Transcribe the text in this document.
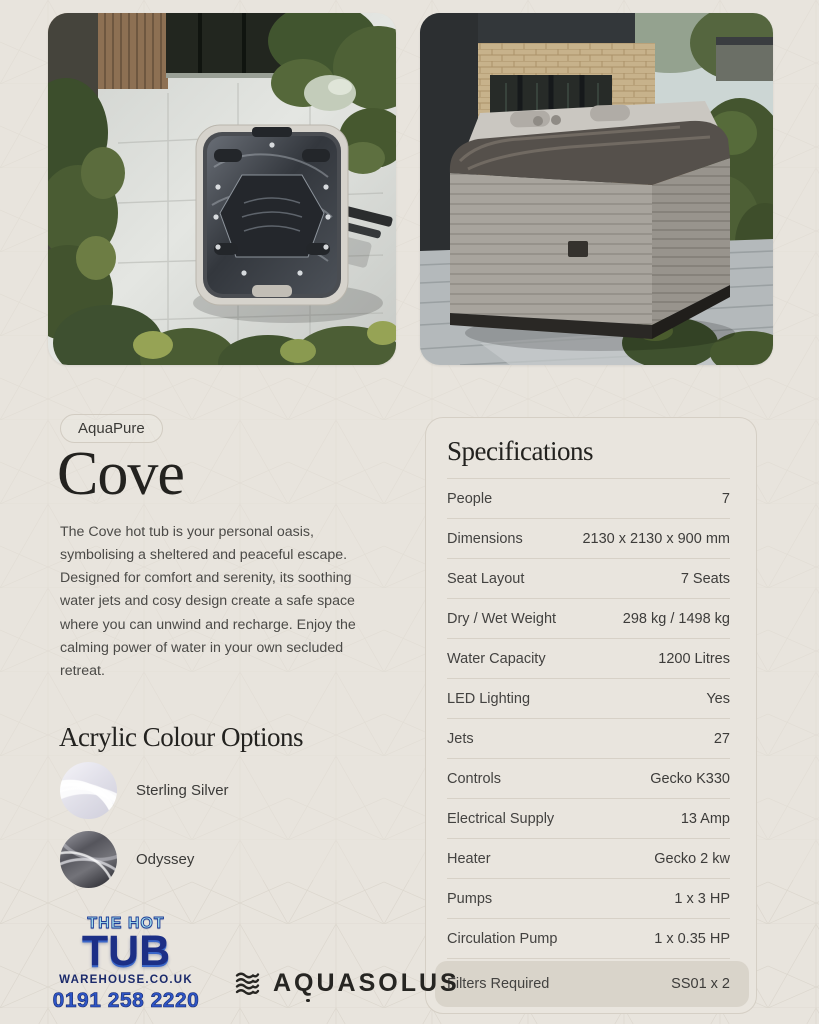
AquaPure
Cove
The Cove hot tub is your personal oasis, symbolising a sheltered and peaceful escape. Designed for comfort and serenity, its soothing water jets and cosy design create a safe space where you can unwind and recharge. Enjoy the calming power of water in your own secluded retreat.
Acrylic Colour Options
Sterling Silver
Odyssey
Specifications
People	7
Dimensions	2130 x 2130 x 900 mm
Seat Layout	7 Seats
Dry / Wet Weight	298 kg / 1498 kg
Water Capacity	1200 Litres
LED Lighting	Yes
Jets	27
Controls	Gecko K330
Electrical Supply	13 Amp
Heater	Gecko 2 kw
Pumps	1 x 3 HP
Circulation Pump	1 x 0.35 HP
Filters Required	SS01 x 2
THE HOT
TUB
WAREHOUSE.CO.UK
0191 258 2220
AQUASOLUS
